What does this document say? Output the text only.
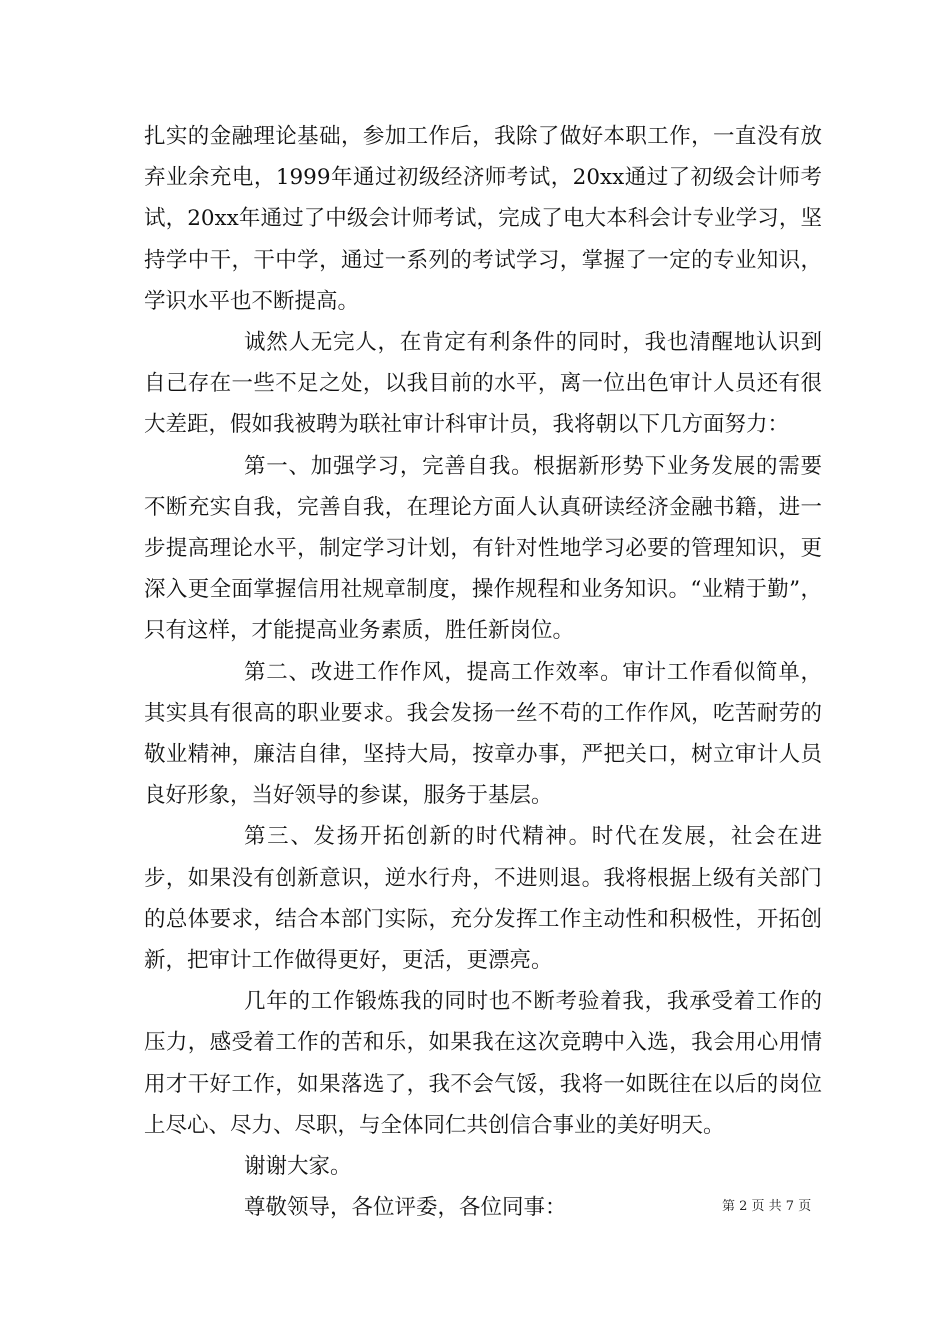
扎实的金融理论基础，参加工作后，我除了做好本职工作，一直没有放弃业余充电，1999年通过初级经济师考试，20xx通过了初级会计师考试，20xx年通过了中级会计师考试，完成了电大本科会计专业学习，坚持学中干，干中学，通过一系列的考试学习，掌握了一定的专业知识，学识水平也不断提高。

诚然人无完人，在肯定有利条件的同时，我也清醒地认识到自己存在一些不足之处，以我目前的水平，离一位出色审计人员还有很大差距，假如我被聘为联社审计科审计员，我将朝以下几方面努力：

第一、加强学习，完善自我。根据新形势下业务发展的需要不断充实自我，完善自我，在理论方面人认真研读经济金融书籍，进一步提高理论水平，制定学习计划，有针对性地学习必要的管理知识，更深入更全面掌握信用社规章制度，操作规程和业务知识。“业精于勤”，只有这样，才能提高业务素质，胜任新岗位。

第二、改进工作作风，提高工作效率。审计工作看似简单，其实具有很高的职业要求。我会发扬一丝不苟的工作作风，吃苦耐劳的敬业精神，廉洁自律，坚持大局，按章办事，严把关口，树立审计人员良好形象，当好领导的参谋，服务于基层。

第三、发扬开拓创新的时代精神。时代在发展，社会在进步，如果没有创新意识，逆水行舟，不进则退。我将根据上级有关部门的总体要求，结合本部门实际，充分发挥工作主动性和积极性，开拓创新，把审计工作做得更好，更活，更漂亮。

几年的工作锻炼我的同时也不断考验着我，我承受着工作的压力，感受着工作的苦和乐，如果我在这次竞聘中入选，我会用心用情用才干好工作，如果落选了，我不会气馁，我将一如既往在以后的岗位上尽心、尽力、尽职，与全体同仁共创信合事业的美好明天。

谢谢大家。

尊敬领导，各位评委，各位同事：	第 2 页 共 7 页
